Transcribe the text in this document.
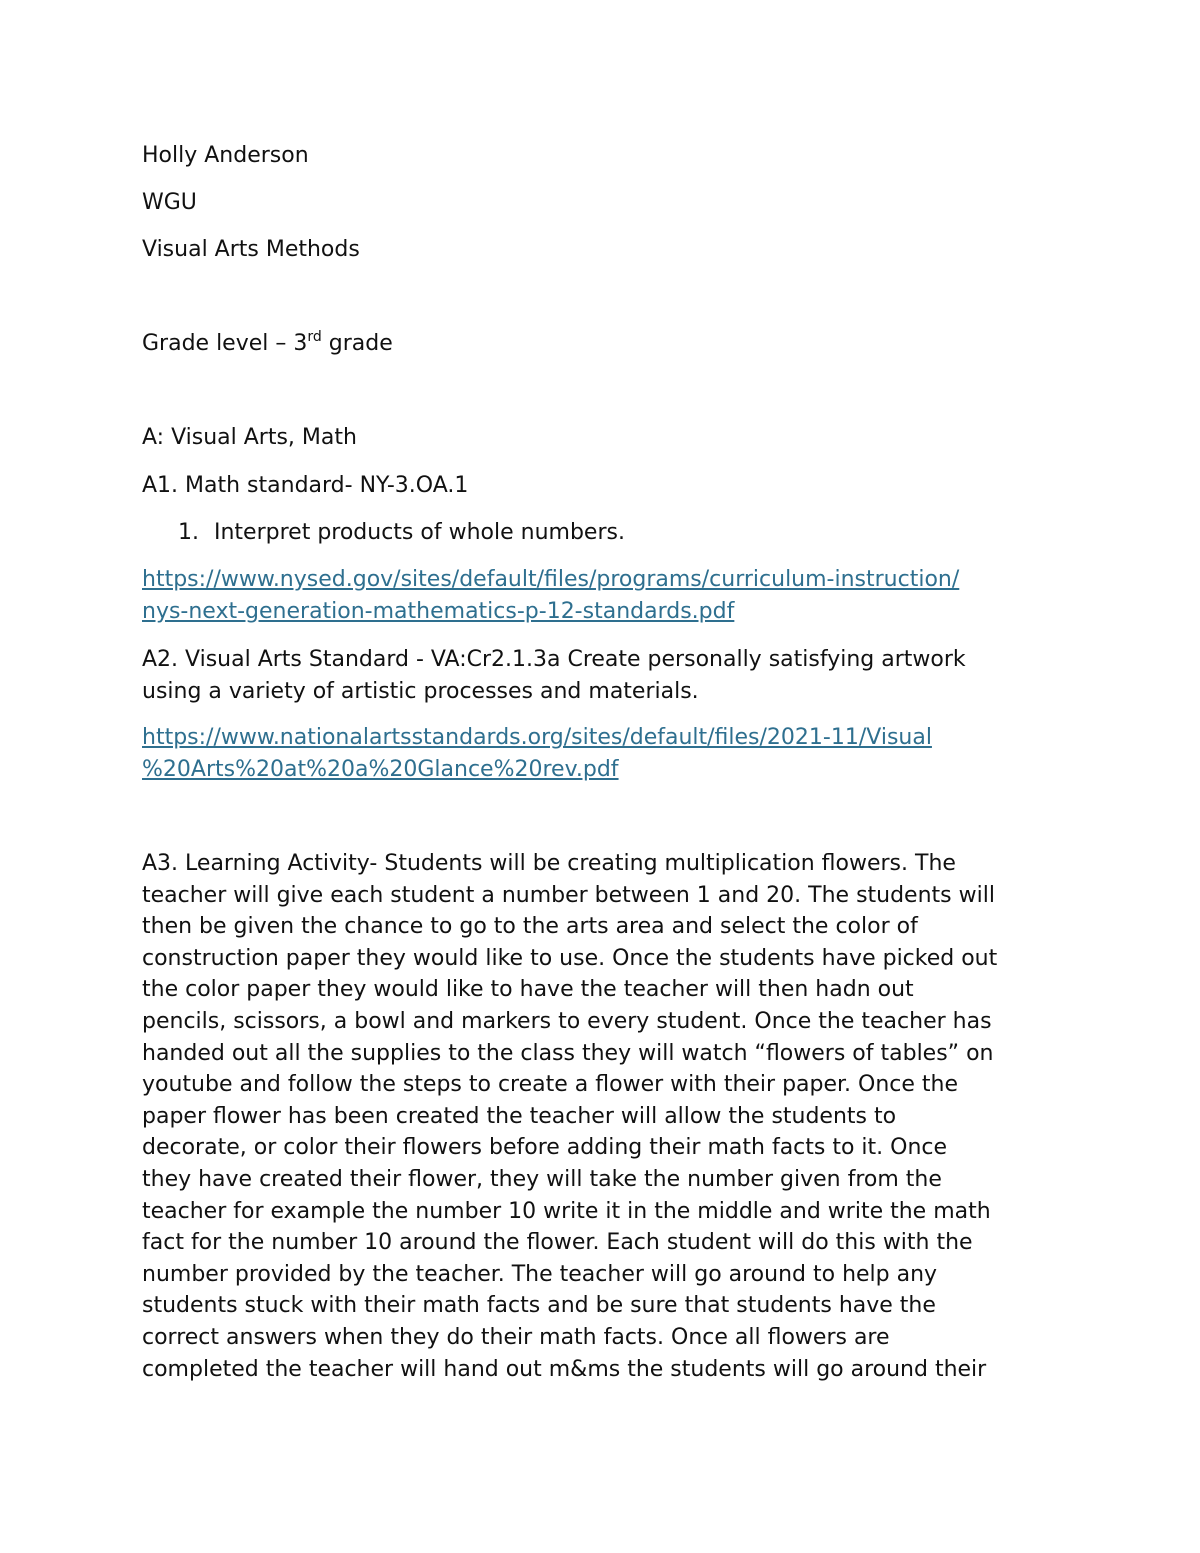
Holly Anderson
WGU
Visual Arts Methods
Grade level – 3rd grade
A: Visual Arts, Math
A1. Math standard- NY-3.OA.1
1. Interpret products of whole numbers.
https://www.nysed.gov/sites/default/files/programs/curriculum-instruction/
nys-next-generation-mathematics-p-12-standards.pdf
A2. Visual Arts Standard - VA:Cr2.1.3a Create personally satisfying artwork
using a variety of artistic processes and materials.
https://www.nationalartsstandards.org/sites/default/files/2021-11/Visual
%20Arts%20at%20a%20Glance%20rev.pdf
A3. Learning Activity- Students will be creating multiplication flowers. The
teacher will give each student a number between 1 and 20. The students will
then be given the chance to go to the arts area and select the color of
construction paper they would like to use. Once the students have picked out
the color paper they would like to have the teacher will then hadn out
pencils, scissors, a bowl and markers to every student. Once the teacher has
handed out all the supplies to the class they will watch “flowers of tables” on
youtube and follow the steps to create a flower with their paper. Once the
paper flower has been created the teacher will allow the students to
decorate, or color their flowers before adding their math facts to it. Once
they have created their flower, they will take the number given from the
teacher for example the number 10 write it in the middle and write the math
fact for the number 10 around the flower. Each student will do this with the
number provided by the teacher. The teacher will go around to help any
students stuck with their math facts and be sure that students have the
correct answers when they do their math facts. Once all flowers are
completed the teacher will hand out m&ms the students will go around their
